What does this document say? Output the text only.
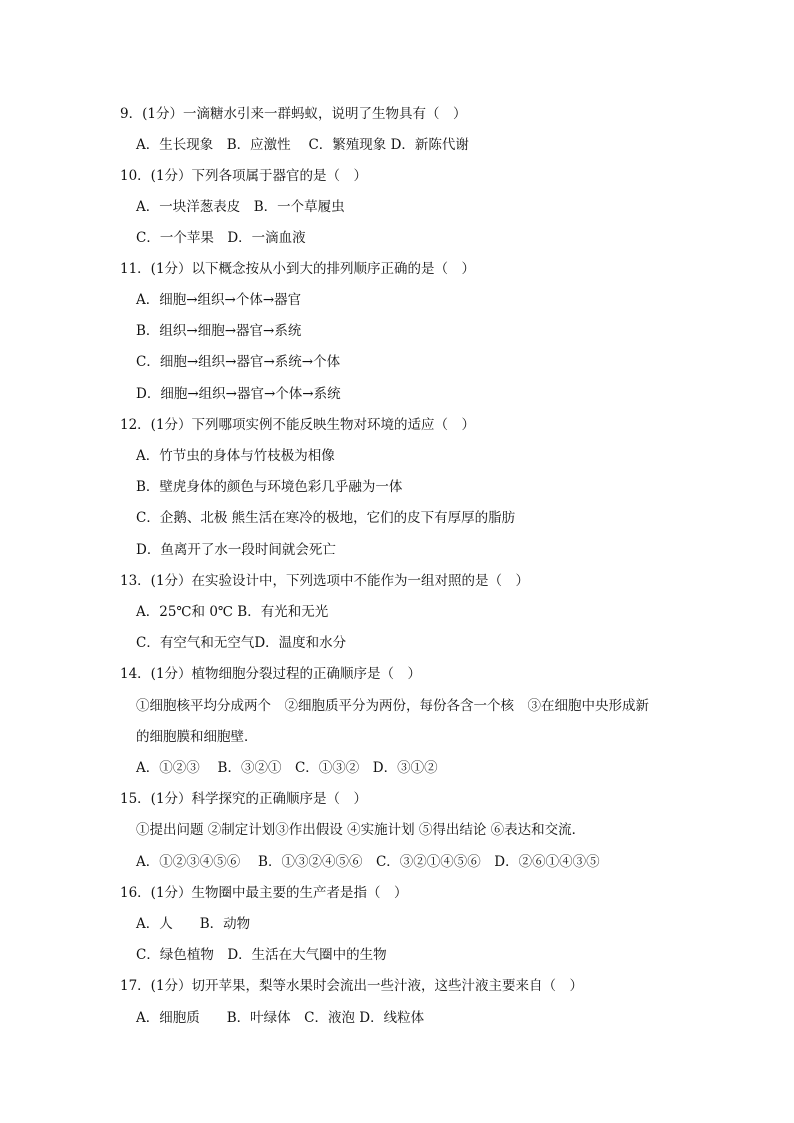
9．(1分）一滴糖水引来一群蚂蚁，说明了生物具有（　）
A．生长现象　B．应激性　 C．繁殖现象 D．新陈代谢
10．(1分）下列各项属于器官的是（　）
A．一块洋葱表皮　B．一个草履虫
C．一个苹果　D．一滴血液
11．(1分）以下概念按从小到大的排列顺序正确的是（　）
A．细胞→组织→个体→器官
B．组织→细胞→器官→系统
C．细胞→组织→器官→系统→个体
D．细胞→组织→器官→个体→系统
12．(1分）下列哪项实例不能反映生物对环境的适应（　）
A．竹节虫的身体与竹枝极为相像
B．壁虎身体的颜色与环境色彩几乎融为一体
C．企鹅、北极 熊生活在寒冷的极地，它们的皮下有厚厚的脂肪
D．鱼离开了水一段时间就会死亡
13．(1分）在实验设计中，下列选项中不能作为一组对照的是（　）
A．25℃和 0℃ B．有光和无光
C．有空气和无空气D．温度和水分
14．(1分）植物细胞分裂过程的正确顺序是（　）
①细胞核平均分成两个　②细胞质平分为两份，每份各含一个核　③在细胞中央形成新
的细胞膜和细胞壁．
A．①②③　 B．③②①　C．①③②　D．③①②
15．(1分）科学探究的正确顺序是（　）
①提出问题 ②制定计划③作出假设 ④实施计划 ⑤得出结论 ⑥表达和交流．
A．①②③④⑤⑥　 B．①③②④⑤⑥　C．③②①④⑤⑥　D．②⑥①④③⑤
16．(1分）生物圈中最主要的生产者是指（　）
A．人　　B．动物
C．绿色植物　D．生活在大气圈中的生物
17．(1分）切开苹果，梨等水果时会流出一些汁液，这些汁液主要来自（　）
A．细胞质　　B．叶绿体　C．液泡 D．线粒体
